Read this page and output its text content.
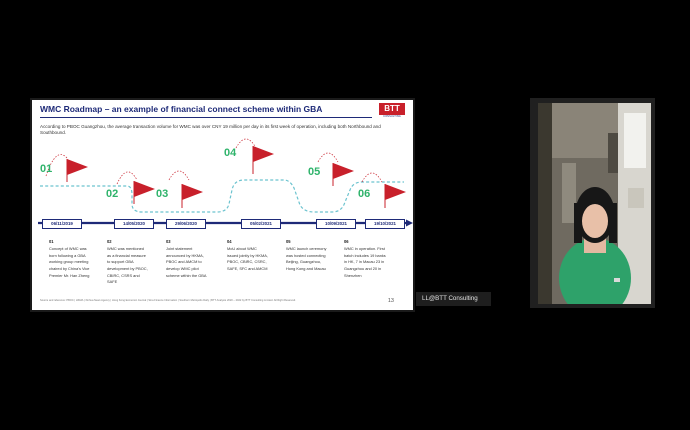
WMC Roadmap – an example of financial connect scheme within GBA	BTT
CONSULTING
According to PBOC Guangzhou, the average transaction volume for WMC was over CNY 19 million per day in its first week of operation, including both Northbound and Southbound.
01
02	03
04
05
06
06/11/2019	14/05/2020	29/06/2020	05/02/2021	10/09/2021	19/10/2021
01
Concept of WMC was born following a GBA working group meeting chaired by China's Vice Premier Mr. Han Zheng
02
WMC was mentioned as a financial measure to support GBA development by PBOC, CBIRC, CSRS and SAFE
03
Joint statement announced by HKMA, PBOC and AMCM to develop WMC pilot scheme within the GBA
04
MoU about WMC issued jointly by HKMA, PBOC, CBIRC, CSRC, SAFE, SFC and AMCM
05
WMC launch ceremony was hosted connecting Beijing, Guangzhou, Hong Kong and Macau
06
WMC in operation. First batch includes 19 banks in HK, 7 in Macau 23 in Guangzhou and 20 in Shenzhen
Source and reference: PBOC | HKMA | Xinhua News Agency | Hong Kong Economic Journal | Sina Finance Information | Southern Metropolis Daily | BTT Analysis 2020 – 2022 by BTT Consulting Limited. All Right Reserved.	13	LL@BTT Consulting
